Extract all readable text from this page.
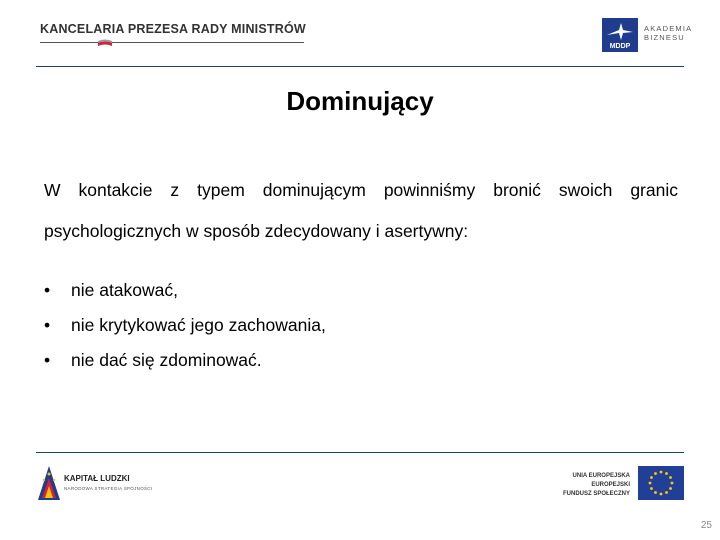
KANCELARIA PREZESA RADY MINISTRÓW
MDDP
AKADEMIA
BIZNESU
Dominujący
W kontakcie z typem dominującym powinniśmy bronić swoich granic psychologicznych w sposób zdecydowany i asertywny:
•	nie atakować,
•	nie krytykować jego zachowania,
•	nie dać się zdominować.
KAPITAŁ LUDZKI
NARODOWA STRATEGIA SPÓJNOŚCI
UNIA EUROPEJSKA
EUROPEJSKI
FUNDUSZ SPOŁECZNY
25
